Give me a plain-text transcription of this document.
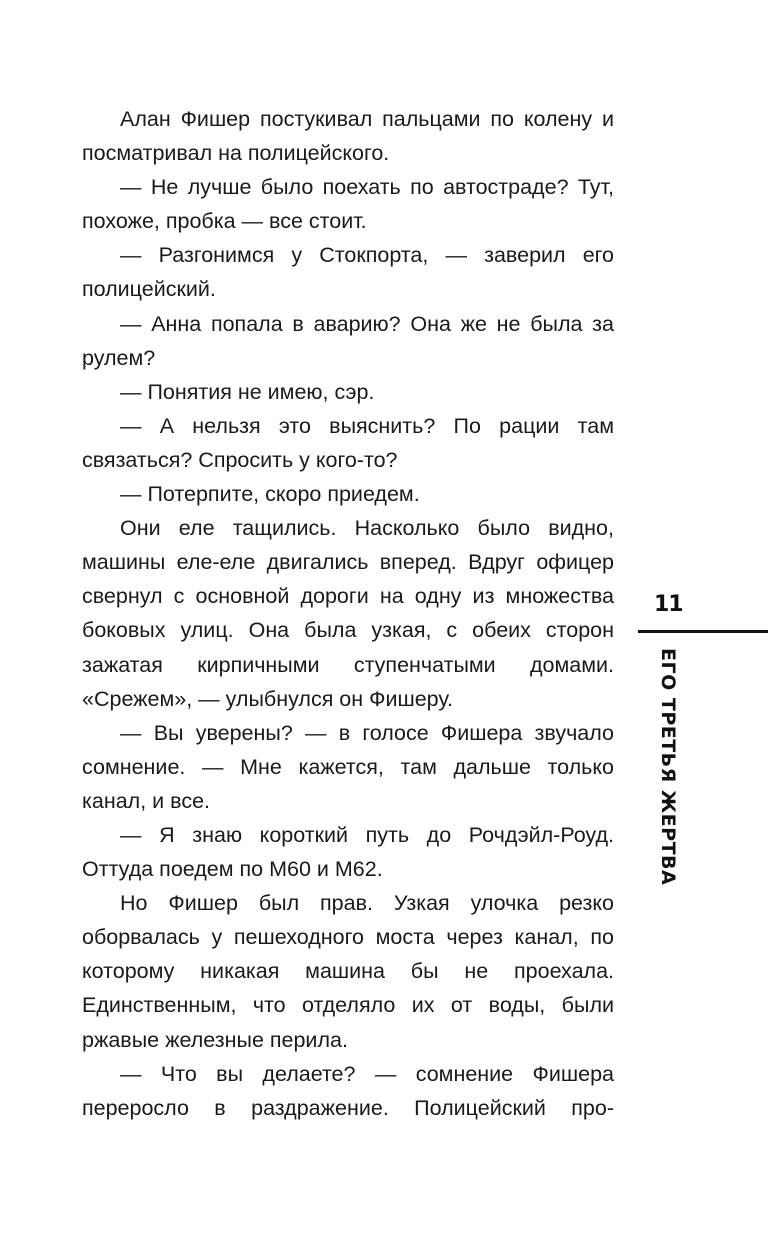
Алан Фишер постукивал пальцами по колену и посматривал на полицейского.

— Не лучше было поехать по автостраде? Тут, похоже, пробка — все стоит.

— Разгонимся у Стокпорта, — заверил его полицейский.

— Анна попала в аварию? Она же не была за рулем?

— Понятия не имею, сэр.

— А нельзя это выяснить? По рации там связаться? Спросить у кого-то?

— Потерпите, скоро приедем.

Они еле тащились. Насколько было видно, машины еле-еле двигались вперед. Вдруг офицер свернул с основной дороги на одну из множества боковых улиц. Она была узкая, с обеих сторон зажатая кирпичными ступенчатыми домами. «Срежем», — улыбнулся он Фишеру.

— Вы уверены? — в голосе Фишера звучало сомнение. — Мне кажется, там дальше только канал, и все.

— Я знаю короткий путь до Рочдэйл-Роуд. Оттуда поедем по М60 и М62.

Но Фишер был прав. Узкая улочка резко оборвалась у пешеходного моста через канал, по которому никакая машина бы не проехала. Единственным, что отделяло их от воды, были ржавые железные перила.

— Что вы делаете? — сомнение Фишера переросло в раздражение. Полицейский про-

11
ЕГО ТРЕТЬЯ ЖЕРТВА
